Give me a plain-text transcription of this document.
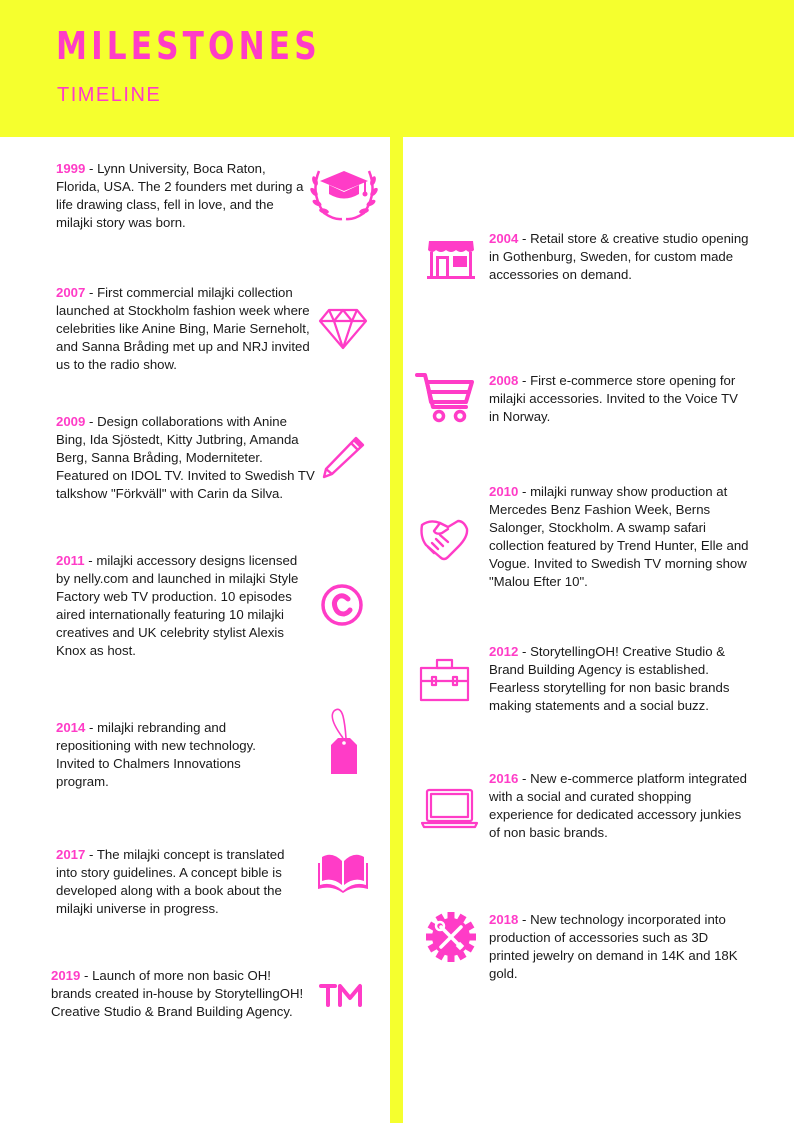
MILESTONES
TIMELINE
1999 - Lynn University, Boca Raton, Florida, USA. The 2 founders met during a life drawing class, fell in love, and the milajki story was born.
2004 - Retail store & creative studio opening in Gothenburg, Sweden, for custom made accessories on demand.
2007 - First commercial milajki collection launched at Stockholm fashion week where celebrities like Anine Bing, Marie Serneholt, and Sanna Bråding met up and NRJ invited us to the radio show.
2008 - First e-commerce store opening for milajki accessories. Invited to the Voice TV in Norway.
2009 - Design collaborations with Anine Bing, Ida Sjöstedt, Kitty Jutbring, Amanda Berg, Sanna Bråding, Moderniteter. Featured on IDOL TV. Invited to Swedish TV talkshow "Förkväll" with Carin da Silva.	2010 - milajki runway show production at Mercedes Benz Fashion Week, Berns Salonger, Stockholm. A swamp safari collection featured by Trend Hunter, Elle and Vogue. Invited to Swedish TV morning show "Malou Efter 10".
2011 - milajki accessory designs licensed by nelly.com and launched in milajki Style Factory web TV production. 10 episodes aired internationally featuring 10 milajki creatives and UK celebrity stylist Alexis Knox as host.	2012 - StorytellingOH! Creative Studio & Brand Building Agency is established. Fearless storytelling for non basic brands making statements and a social buzz.
2014 - milajki rebranding and repositioning with new technology. Invited to Chalmers Innovations program.	2016 - New e-commerce platform integrated with a social and curated shopping experience for dedicated accessory junkies of non basic brands.
2017 - The milajki concept is translated into story guidelines. A concept bible is developed along with a book about the milajki universe in progress.
2018 - New technology incorporated into production of accessories such as 3D printed jewelry on demand in 14K and 18K gold.
2019 - Launch of more non basic OH! brands created in-house by StorytellingOH! Creative Studio & Brand Building Agency.
